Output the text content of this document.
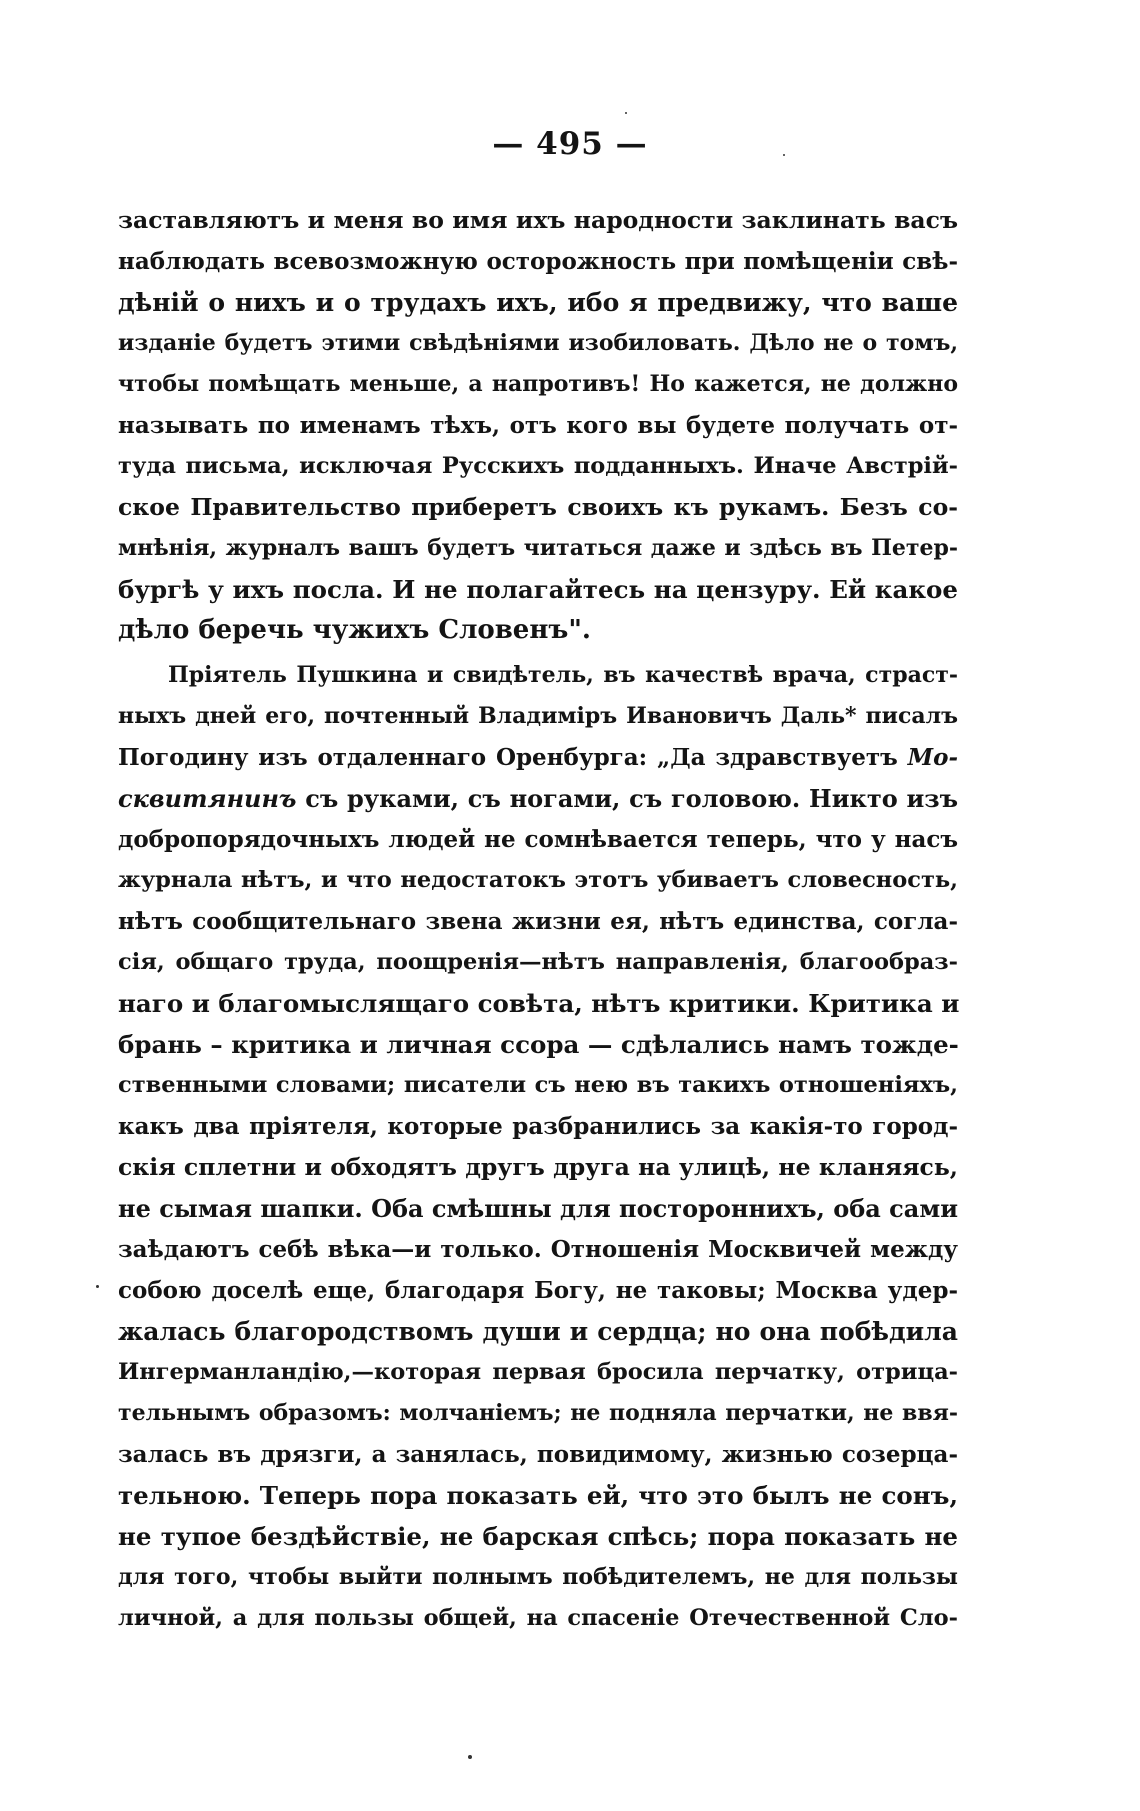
— 495 —
заставляютъ и меня во имя ихъ народности заклинать васъ
наблюдать всевозможную осторожность при помѣщеніи свѣ-
дѣній о нихъ и о трудахъ ихъ, ибо я предвижу, что ваше
изданіе будетъ этими свѣдѣніями изобиловать. Дѣло не о томъ,
чтобы помѣщать меньше, а напротивъ! Но кажется, не должно
называть по именамъ тѣхъ, отъ кого вы будете получать от-
туда письма, исключая Русскихъ подданныхъ. Иначе Австрій-
ское Правительство приберетъ своихъ къ рукамъ. Безъ со-
мнѣнія, журналъ вашъ будетъ читаться даже и здѣсь въ Петер-
бургѣ у ихъ посла. И не полагайтесь на цензуру. Ей какое
дѣло беречь чужихъ Словенъ".
Пріятель Пушкина и свидѣтель, въ качествѣ врача, страст-
ныхъ дней его, почтенный Владиміръ Ивановичъ Даль* писалъ
Погодину изъ отдаленнаго Оренбурга: „Да здравствуетъ Мо-
сквитянинъ съ руками, съ ногами, съ головою. Никто изъ
добропорядочныхъ людей не сомнѣвается теперь, что у насъ
журнала нѣтъ, и что недостатокъ этотъ убиваетъ словесность,
нѣтъ сообщительнаго звена жизни ея, нѣтъ единства, согла-
сія, общаго труда, поощренія—нѣтъ направленія, благообраз-
наго и благомыслящаго совѣта, нѣтъ критики. Критика и
брань – критика и личная ссора — сдѣлались намъ тожде-
ственными словами; писатели съ нею въ такихъ отношеніяхъ,
какъ два пріятеля, которые разбранились за какія-то город-
скія сплетни и обходятъ другъ друга на улицѣ, не кланяясь,
не сымая шапки. Оба смѣшны для постороннихъ, оба сами
заѣдаютъ себѣ вѣка—и только. Отношенія Москвичей между
собою доселѣ еще, благодаря Богу, не таковы; Москва удер-
жалась благородствомъ души и сердца; но она побѣдила
Ингерманландію,—которая первая бросила перчатку, отрица-
тельнымъ образомъ: молчаніемъ; не подняла перчатки, не ввя-
залась въ дрязги, а занялась, повидимому, жизнью созерца-
тельною. Теперь пора показать ей, что это былъ не сонъ,
не тупое бездѣйствіе, не барская спѣсь; пора показать не
для того, чтобы выйти полнымъ побѣдителемъ, не для пользы
личной, а для пользы общей, на спасеніе Отечественной Сло-
